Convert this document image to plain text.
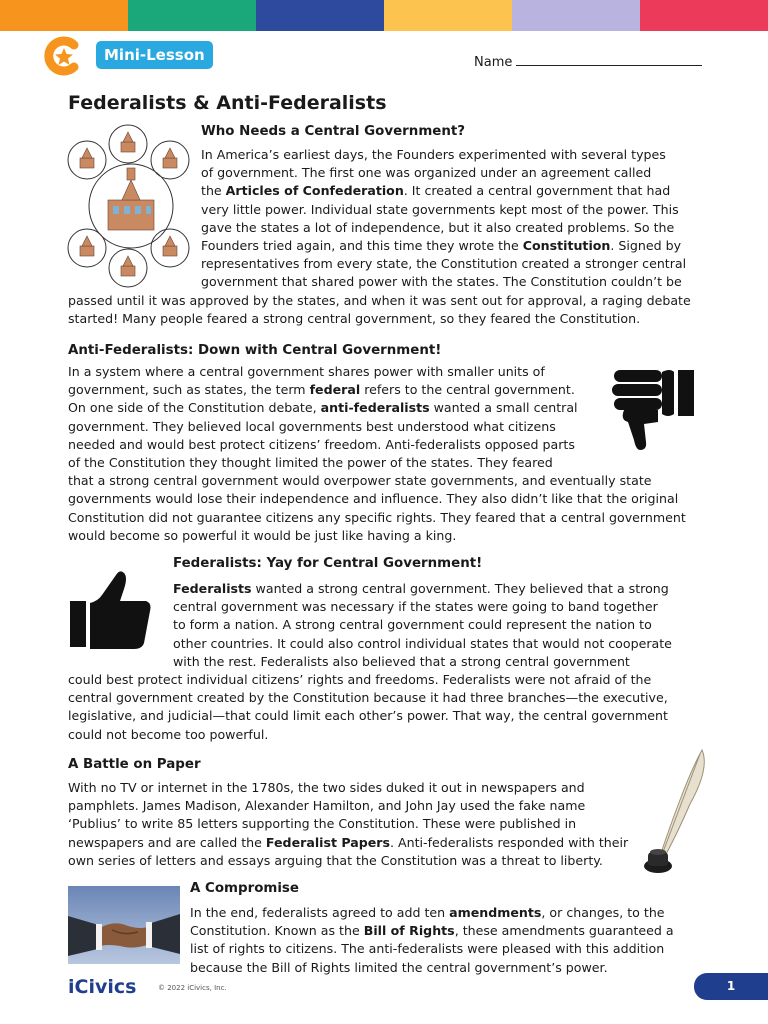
Mini-Lesson	Name
Federalists & Anti-Federalists
Who Needs a Central Government?
In America’s earliest days, the Founders experimented with several types
of government. The first one was organized under an agreement called
the Articles of Confederation. It created a central government that had
very little power. Individual state governments kept most of the power. This
gave the states a lot of independence, but it also created problems. So the
Founders tried again, and this time they wrote the Constitution. Signed by
representatives from every state, the Constitution created a stronger central
government that shared power with the states. The Constitution couldn’t be
passed until it was approved by the states, and when it was sent out for approval, a raging debate
started! Many people feared a strong central government, so they feared the Constitution.
Anti-Federalists: Down with Central Government!
In a system where a central government shares power with smaller units of
government, such as states, the term federal refers to the central government.
On one side of the Constitution debate, anti-federalists wanted a small central
government. They believed local governments best understood what citizens
needed and would best protect citizens’ freedom. Anti-federalists opposed parts
of the Constitution they thought limited the power of the states. They feared
that a strong central government would overpower state governments, and eventually state
governments would lose their independence and influence. They also didn’t like that the original
Constitution did not guarantee citizens any specific rights. They feared that a central government
would become so powerful it would be just like having a king.
Federalists: Yay for Central Government!
Federalists wanted a strong central government. They believed that a strong
central government was necessary if the states were going to band together
to form a nation. A strong central government could represent the nation to
other countries. It could also control individual states that would not cooperate
with the rest. Federalists also believed that a strong central government
could best protect individual citizens’ rights and freedoms. Federalists were not afraid of the
central government created by the Constitution because it had three branches—the executive,
legislative, and judicial—that could limit each other’s power. That way, the central government
could not become too powerful.
A Battle on Paper
With no TV or internet in the 1780s, the two sides duked it out in newspapers and
pamphlets. James Madison, Alexander Hamilton, and John Jay used the fake name
‘Publius’ to write 85 letters supporting the Constitution. These were published in
newspapers and are called the Federalist Papers. Anti-federalists responded with their
own series of letters and essays arguing that the Constitution was a threat to liberty.
A Compromise
In the end, federalists agreed to add ten amendments, or changes, to the
Constitution. Known as the Bill of Rights, these amendments guaranteed a
list of rights to citizens. The anti-federalists were pleased with this addition
because the Bill of Rights limited the central government’s power.
iCivics	© 2022 iCivics, Inc.	1
